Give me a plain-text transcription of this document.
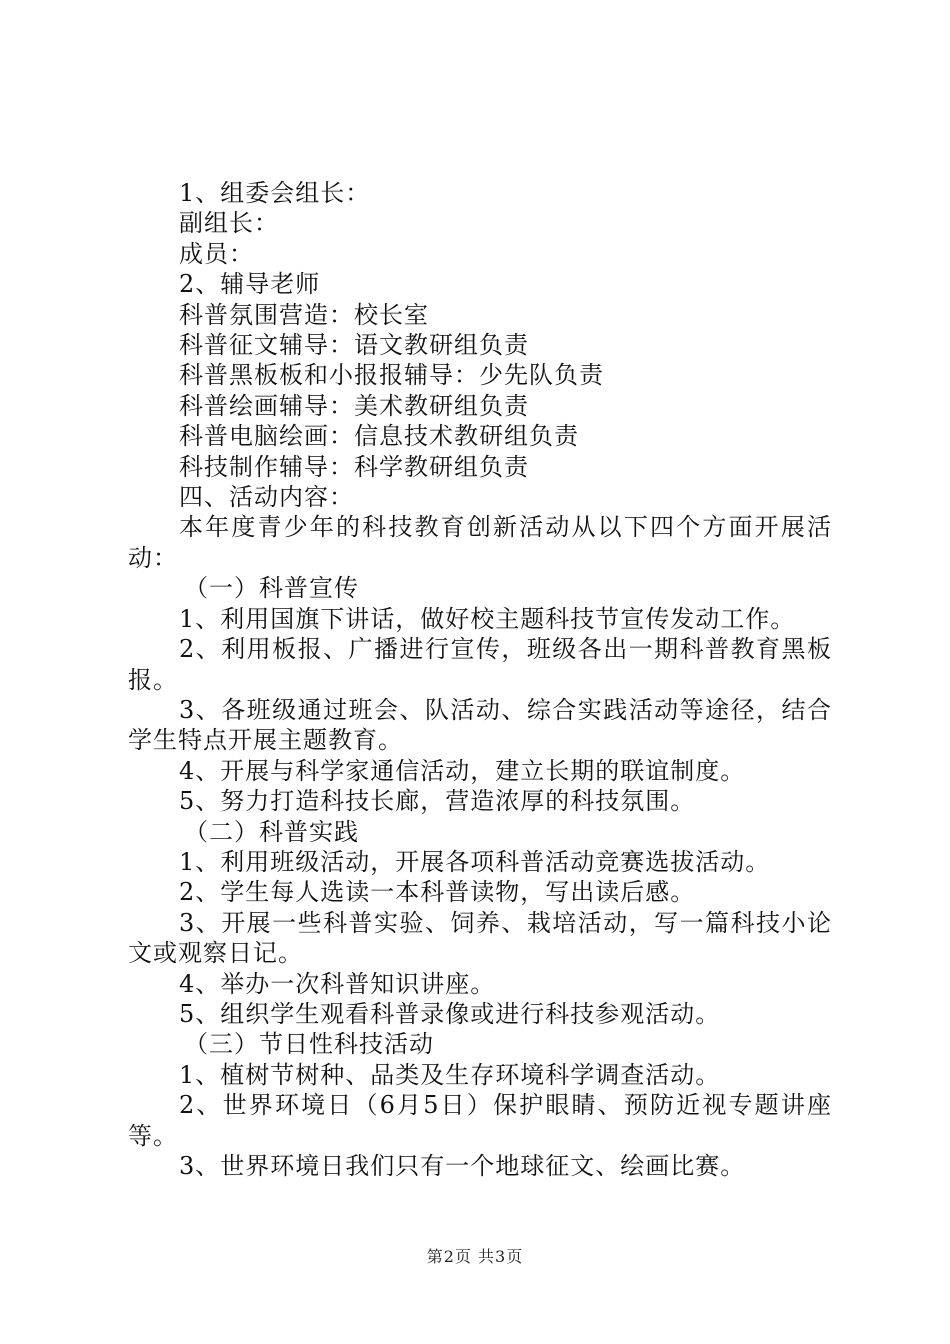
1、组委会组长：

副组长：

成员：

2、辅导老师

科普氛围营造：校长室

科普征文辅导：语文教研组负责

科普黑板板和小报报辅导：少先队负责

科普绘画辅导：美术教研组负责

科普电脑绘画：信息技术教研组负责

科技制作辅导：科学教研组负责

四、活动内容：

本年度青少年的科技教育创新活动从以下四个方面开展活动：

（一）科普宣传

1、利用国旗下讲话，做好校主题科技节宣传发动工作。

2、利用板报、广播进行宣传，班级各出一期科普教育黑板报。

3、各班级通过班会、队活动、综合实践活动等途径，结合学生特点开展主题教育。

4、开展与科学家通信活动，建立长期的联谊制度。

5、努力打造科技长廊，营造浓厚的科技氛围。

（二）科普实践

1、利用班级活动，开展各项科普活动竞赛选拔活动。

2、学生每人选读一本科普读物，写出读后感。

3、开展一些科普实验、饲养、栽培活动，写一篇科技小论文或观察日记。

4、举办一次科普知识讲座。

5、组织学生观看科普录像或进行科技参观活动。

（三）节日性科技活动

1、植树节树种、品类及生存环境科学调查活动。

2、世界环境日（6月5日）保护眼睛、预防近视专题讲座等。

3、世界环境日我们只有一个地球征文、绘画比赛。

第2页 共3页
